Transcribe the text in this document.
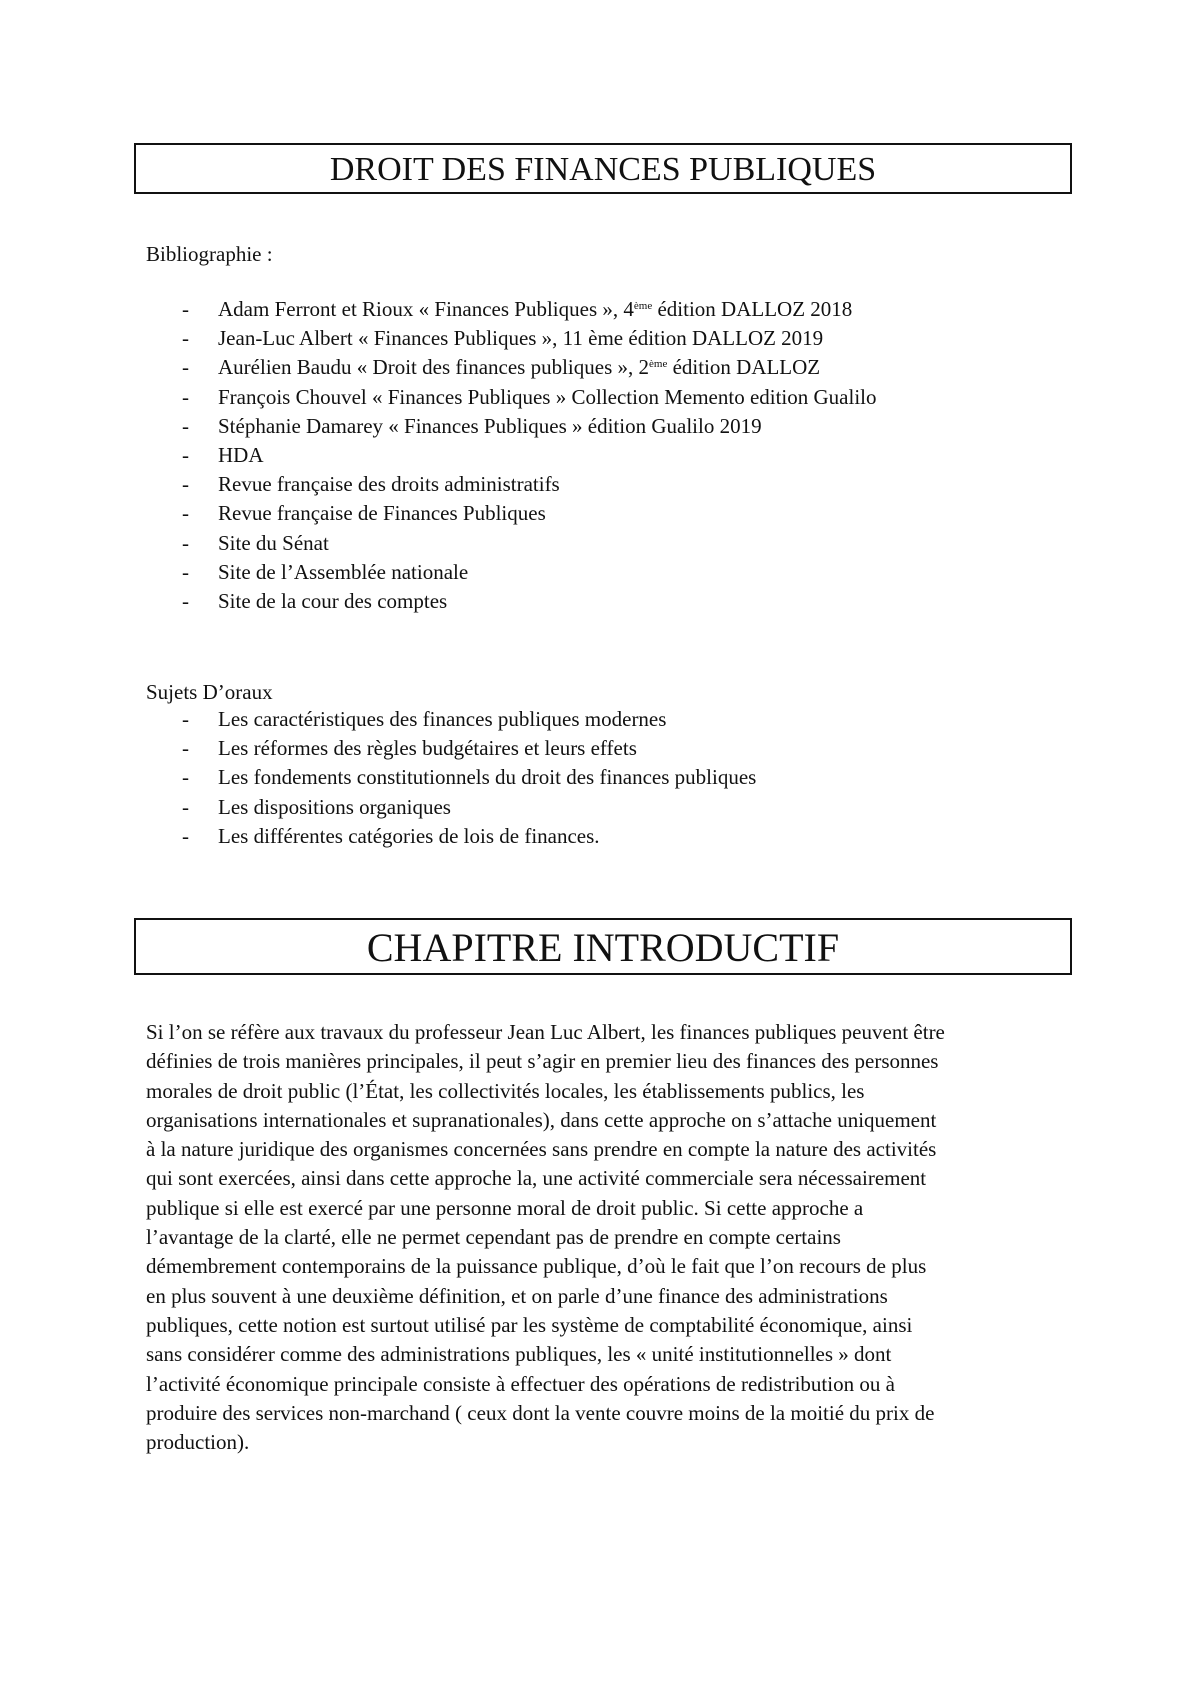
DROIT DES FINANCES PUBLIQUES
Bibliographie :
- Adam Ferront et Rioux « Finances Publiques », 4ème édition DALLOZ 2018
- Jean-Luc Albert « Finances Publiques », 11 ème édition DALLOZ 2019
- Aurélien Baudu « Droit des finances publiques », 2ème édition DALLOZ
- François Chouvel « Finances Publiques » Collection Memento edition Gualilo
- Stéphanie Damarey « Finances Publiques » édition Gualilo 2019
- HDA
- Revue française des droits administratifs
- Revue française de Finances Publiques
- Site du Sénat
- Site de l’Assemblée nationale
- Site de la cour des comptes
Sujets D’oraux
- Les caractéristiques des finances publiques modernes
- Les réformes des règles budgétaires et leurs effets
- Les fondements constitutionnels du droit des finances publiques
- Les dispositions organiques
- Les différentes catégories de lois de finances.
CHAPITRE INTRODUCTIF

Si l’on se réfère aux travaux du professeur Jean Luc Albert, les finances publiques peuvent être
définies de trois manières principales, il peut s’agir en premier lieu des finances des personnes
morales de droit public (l’État, les collectivités locales, les établissements publics, les
organisations internationales et supranationales), dans cette approche on s’attache uniquement
à la nature juridique des organismes concernées sans prendre en compte la nature des activités
qui sont exercées, ainsi dans cette approche la, une activité commerciale sera nécessairement
publique si elle est exercé par une personne moral de droit public. Si cette approche a
l’avantage de la clarté, elle ne permet cependant pas de prendre en compte certains
démembrement contemporains de la puissance publique, d’où le fait que l’on recours de plus
en plus souvent à une deuxième définition, et on parle d’une finance des administrations
publiques, cette notion est surtout utilisé par les système de comptabilité économique, ainsi
sans considérer comme des administrations publiques, les « unité institutionnelles » dont
l’activité économique principale consiste à effectuer des opérations de redistribution ou à
produire des services non-marchand ( ceux dont la vente couvre moins de la moitié du prix de
production).
